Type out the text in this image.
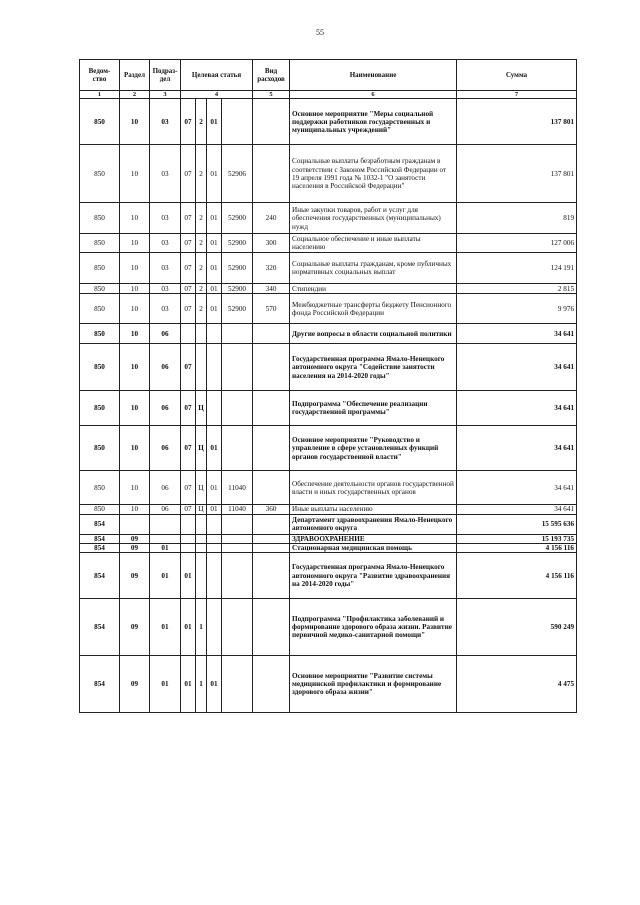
55
Ведом-ство	Раздел	Подраз-дел	Целевая статья				Вид расходов	Наименование	Сумма
1	2	3	4				5	6	7
850	10	03	07	2	01			Основное мероприятие "Меры социальной поддержки работников государственных и муниципальных учреждений"	137 801
850	10	03	07	2	01	52906		Социальные выплаты безработным гражданам в соответствии с Законом Российской Федерации от 19 апреля 1991 года № 1032-1 "О занятости населения в Российской Федерации"	137 801
850	10	03	07	2	01	52900	240	Иные закупки товаров, работ и услуг для обеспечения государственных (муниципальных) нужд	819
850	10	03	07	2	01	52900	300	Социальное обеспечение и иные выплаты населению	127 006
850	10	03	07	2	01	52900	320	Социальные выплаты гражданам, кроме публичных нормативных социальных выплат	124 191
850	10	03	07	2	01	52900	340	Стипендии	2 815
850	10	03	07	2	01	52900	570	Межбюджетные трансферты бюджету Пенсионного фонда Российской Федерации	9 976
850	10	06						Другие вопросы в области социальной политики	34 641
850	10	06	07					Государственная программа Ямало-Ненецкого автономного округа "Содействие занятости населения на 2014-2020 годы"	34 641
850	10	06	07	Ц				Подпрограмма "Обеспечение реализации государственной программы"	34 641
850	10	06	07	Ц	01			Основное мероприятие "Руководство и управление в сфере установленных функций органов государственной власти"	34 641
850	10	06	07	Ц	01	11040		Обеспечение деятельности органов государственной власти и иных государственных органов	34 641
850	10	06	07	Ц	01	11040	360	Иные выплаты населению	34 641
854								Департамент здравоохранения Ямало-Ненецкого автономного округа	15 595 636
854	09							ЗДРАВООХРАНЕНИЕ	15 193 735
854	09	01						Стационарная медицинская помощь	4 156 116
854	09	01	01					Государственная программа Ямало-Ненецкого автономного округа "Развитие здравоохранения на 2014-2020 годы"	4 156 116
854	09	01	01	1				Подпрограмма "Профилактика заболеваний и формирование здорового образа жизни. Развитие первичной медико-санитарной помощи"	590 249
854	09	01	01	1	01			Основное мероприятие "Развитие системы медицинской профилактики и формирование здорового образа жизни"	4 475
